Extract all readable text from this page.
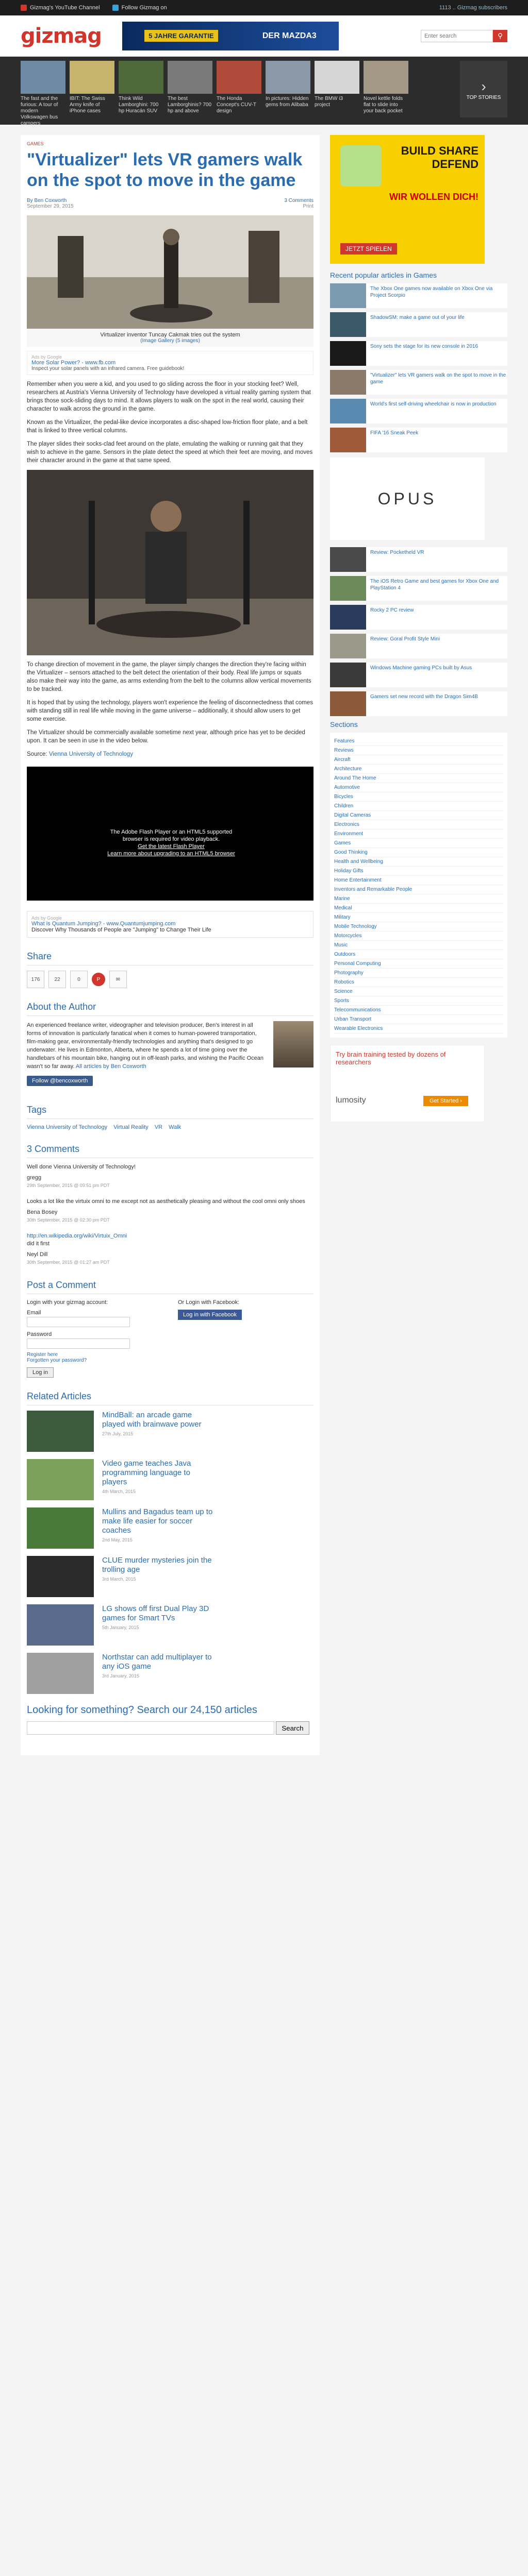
Gizmag's YouTube Channel	Follow Gizmag on	1113 .. Gizmag subscribers
gizmag	5 JAHRE GARANTIE	DER MAZDA3
Enter search	⚲
The fast and the furious: A tour of modern Volkswagen bus campers
IBIT: The Swiss Army knife of iPhone cases
Think Wild Lamborghini: 700 hp Huracán SUV
The best Lamborghinis? 700 hp and above
The Honda Concept's CUV-T design
In pictures: Hidden gems from Alibaba
The BMW i3 project
Novel kettle folds flat to slide into your back pocket
›
TOP STORIES
GAMES
"Virtualizer" lets VR gamers walk on the spot to move in the game
By Ben Coxworth
September 29, 2015
3 Comments
Print
Virtualizer inventor Tuncay Cakmak tries out the system
(Image Gallery (5 images)
Ads by Google
More Solar Power? - www.fb.com
Inspect your solar panels with an infrared camera. Free guidebook!

Remember when you were a kid, and you used to go sliding across the floor in your stocking feet? Well, researchers at Austria's Vienna University of Technology have developed a virtual reality gaming system that brings those sock-sliding days to mind. It allows players to walk on the spot in the real world, causing their character to walk across the ground in the game.

Known as the Virtualizer, the pedal-like device incorporates a disc-shaped low-friction floor plate, and a belt that is linked to three vertical columns.

The player slides their socks-clad feet around on the plate, emulating the walking or running gait that they wish to achieve in the game. Sensors in the plate detect the speed at which their feet are moving, and moves their character around in the game at that same speed.

To change direction of movement in the game, the player simply changes the direction they're facing within the Virtualizer – sensors attached to the belt detect the orientation of their body. Real life jumps or squats also make their way into the game, as arms extending from the belt to the columns allow vertical movements to be tracked.

It is hoped that by using the technology, players won't experience the feeling of disconnectedness that comes with standing still in real life while moving in the game universe – additionally, it should allow users to get some exercise.

The Virtualizer should be commercially available sometime next year, although price has yet to be decided upon. It can be seen in use in the video below.

Source: Vienna University of Technology

The Adobe Flash Player or an HTML5 supported browser is required for video playback.
Get the latest Flash Player
Learn more about upgrading to an HTML5 browser
Ads by Google
What is Quantum Jumping? - www.Quantumjumping.com
Discover Why Thousands of People are "Jumping" to Change Their Life
Share
176	22	0	P	✉
About the Author
An experienced freelance writer, videographer and television producer, Ben's interest in all forms of innovation is particularly fanatical when it comes to human-powered transportation, film-making gear, environmentally-friendly technologies and anything that's designed to go underwater. He lives in Edmonton, Alberta, where he spends a lot of time going over the handlebars of his mountain bike, hanging out in off-leash parks, and wishing the Pacific Ocean wasn't so far away. All articles by Ben Coxworth
Follow @bencoxworth
Tags
Vienna University of Technology Virtual Reality VR Walk
3 Comments
Well done Vienna University of Technology!
gregg
29th September, 2015 @ 09:51 pm PDT
Looks a lot like the virtuix omni to me except not as aesthetically pleasing and without the cool omni only shoes
Bena Bosey
30th September, 2015 @ 02:30 pm PDT
http://en.wikipedia.org/wiki/Virtuix_Omni
did it first
Neyl Dill
30th September, 2015 @ 01:27 am PDT
Post a Comment
Login with your gizmag account:
Email
Password
Register here
Forgotten your password?
Log in
Or Login with Facebook:
Log in with Facebook
Related Articles
MindBall: an arcade game played with brainwave power
27th July, 2015
Video game teaches Java programming language to players
4th March, 2015
Mullins and Bagadus team up to make life easier for soccer coaches
2nd May, 2015
CLUE murder mysteries join the trolling age
3rd March, 2015
LG shows off first Dual Play 3D games for Smart TVs
5th January, 2015
Northstar can add multiplayer to any iOS game
3rd January, 2015
Looking for something? Search our 24,150 articles
Search
BUILD SHARE DEFEND
WIR WOLLEN DICH!
JETZT SPIELEN
Recent popular articles in Games
The Xbox One games now available on Xbox One via Project Scorpio
ShadowSM: make a game out of your life
Sony sets the stage for its new console in 2016
"Virtualizer" lets VR gamers walk on the spot to move in the game
World's first self-driving wheelchair is now in production
FIFA '16 Sneak Peek
OPUS
Review: Pocketheld VR
The iOS Retro Game and best games for Xbox One and PlayStation 4
Rocky 2 PC review
Review: Goral Profit Style Mini
Windows Machine gaming PCs built by Asus
Gamers set new record with the Dragon Sim4B
Sections
Features
Reviews
Aircraft
Architecture
Around The Home
Automotive
Bicycles
Children
Digital Cameras
Electronics
Environment
Games
Good Thinking
Health and Wellbeing
Holiday Gifts
Home Entertainment
Inventors and Remarkable People
Marine
Medical
Military
Mobile Technology
Motorcycles
Music
Outdoors
Personal Computing
Photography
Robotics
Science
Sports
Telecommunications
Urban Transport
Wearable Electronics
Try brain training tested by dozens of researchers
Get Started ›
lumosity
